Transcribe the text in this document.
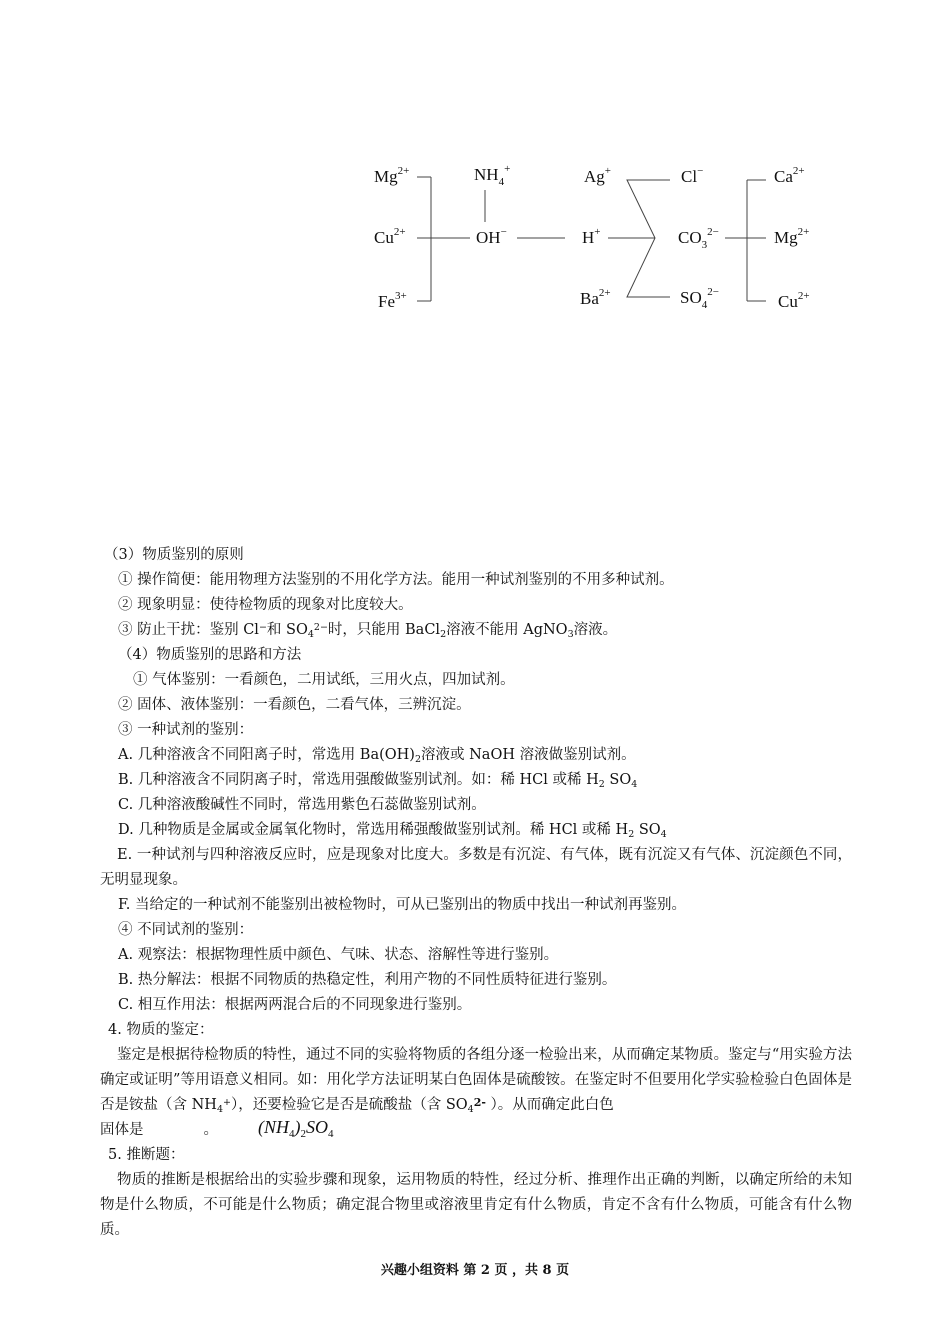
$Mg^{2+}$
$Cu^{2+}$
$Fe^{3+}$
$NH_4^+$
OH−
Ag+
H+
$Ba^{2+}$
Cl−
$CO_3^{2-}$
$SO_4^{2-}$
$Ca^{2+}$
$Mg^{2+}$
$Cu^{2+}$
（3）物质鉴别的原则
① 操作简便：能用物理方法鉴别的不用化学方法。能用一种试剂鉴别的不用多种试剂。
② 现象明显：使待检物质的现象对比度较大。
③ 防止干扰：鉴别 Cl−和 $SO_4^{2-}$时，只能用 BaCl$_2$溶液不能用 AgNO$_3$溶液。
（4）物质鉴别的思路和方法
① 气体鉴别：一看颜色，二用试纸，三用火点，四加试剂。
② 固体、液体鉴别：一看颜色，二看气体，三辨沉淀。
③ 一种试剂的鉴别：
A. 几种溶液含不同阳离子时，常选用 $Ba(OH)_2$溶液或 NaOH 溶液做鉴别试剂。
B. 几种溶液含不同阴离子时，常选用强酸做鉴别试剂。如：稀 HCl 或稀 $H_2$ $SO_4$
C. 几种溶液酸碱性不同时，常选用紫色石蕊做鉴别试剂。
D. 几种物质是金属或金属氧化物时，常选用稀强酸做鉴别试剂。稀 HCl 或稀 $H_2$ $SO_4$
E. 一种试剂与四种溶液反应时，应是现象对比度大。多数是有沉淀、有气体，既有沉淀又有气体、沉淀颜色不同，无明显现象。
F. 当给定的一种试剂不能鉴别出被检物时，可从已鉴别出的物质中找出一种试剂再鉴别。
④ 不同试剂的鉴别：
A. 观察法：根据物理性质中颜色、气味、状态、溶解性等进行鉴别。
B. 热分解法：根据不同物质的热稳定性，利用产物的不同性质特征进行鉴别。
C. 相互作用法：根据两两混合后的不同现象进行鉴别。
4. 物质的鉴定：
鉴定是根据待检物质的特性，通过不同的实验将物质的各组分逐一检验出来，从而确定某物质。鉴定与“用实验方法确定或证明”等用语意义相同。如：用化学方法证明某白色固体是硫酸铵。在鉴定时不但要用化学实验检验白色固体是否是铵盐（含 $NH_4^+$），还要检验它是否是硫酸盐（含 $SO_4^{2-}$ ）。从而确定此白色
固体是	。 $(NH_4)_2SO_4$
5. 推断题：
物质的推断是根据给出的实验步骤和现象，运用物质的特性，经过分析、推理作出正确的判断，以确定所给的未知物是什么物质，不可能是什么物质；确定混合物里或溶液里肯定有什么物质，肯定不含有什么物质，可能含有什么物质。
兴趣小组资料 第 2 页 ，共 8 页
